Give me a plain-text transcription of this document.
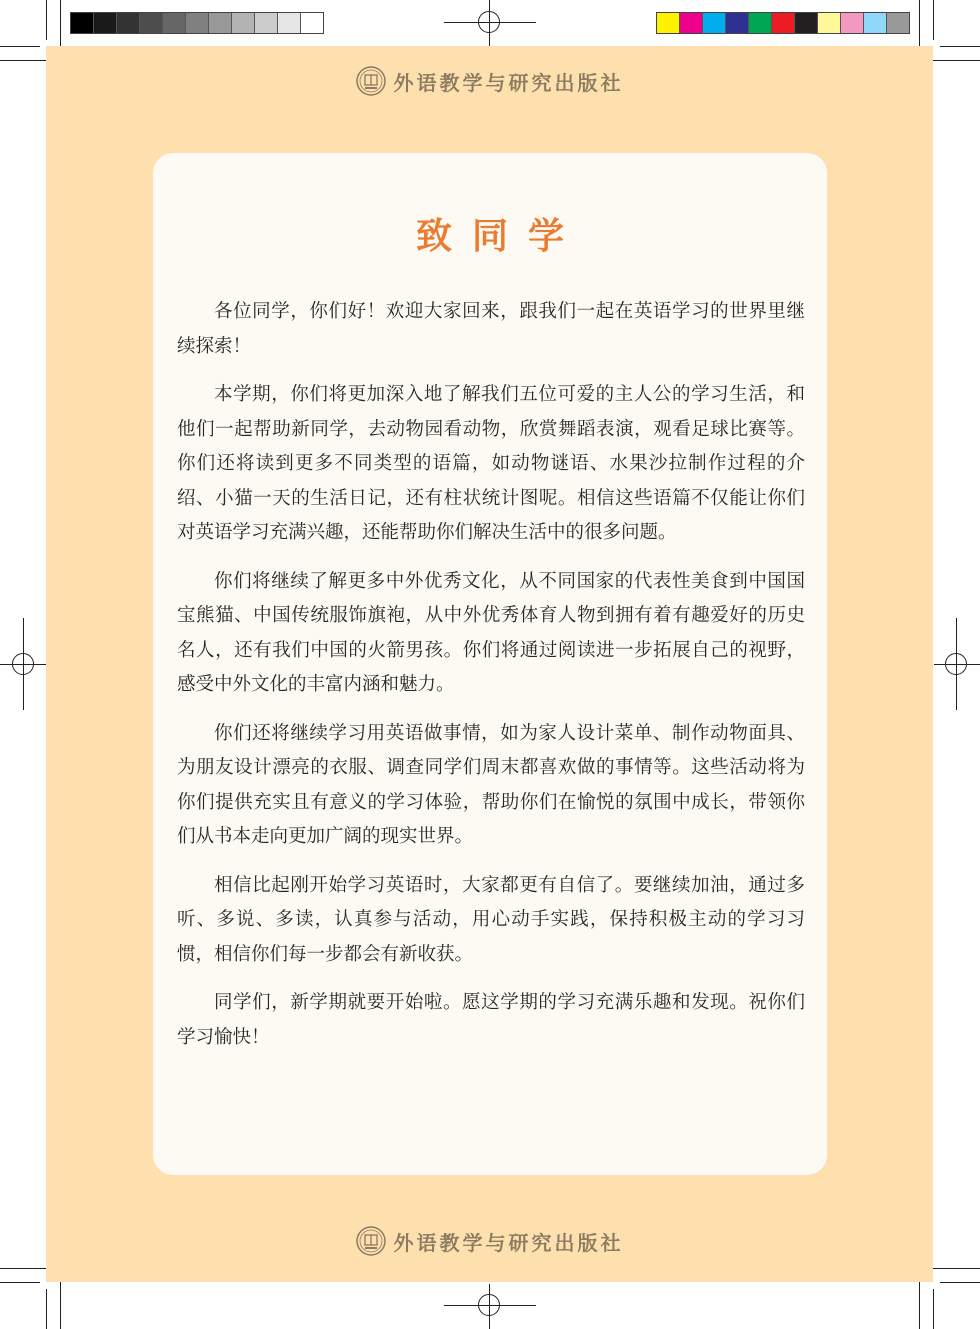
外语教学与研究出版社
致同学

各位同学，你们好！欢迎大家回来，跟我们一起在英语学习的世界里继续探索！

本学期，你们将更加深入地了解我们五位可爱的主人公的学习生活，和他们一起帮助新同学，去动物园看动物，欣赏舞蹈表演，观看足球比赛等。你们还将读到更多不同类型的语篇，如动物谜语、水果沙拉制作过程的介绍、小猫一天的生活日记，还有柱状统计图呢。相信这些语篇不仅能让你们对英语学习充满兴趣，还能帮助你们解决生活中的很多问题。

你们将继续了解更多中外优秀文化，从不同国家的代表性美食到中国国宝熊猫、中国传统服饰旗袍，从中外优秀体育人物到拥有着有趣爱好的历史名人，还有我们中国的火箭男孩。你们将通过阅读进一步拓展自己的视野，感受中外文化的丰富内涵和魅力。

你们还将继续学习用英语做事情，如为家人设计菜单、制作动物面具、为朋友设计漂亮的衣服、调查同学们周末都喜欢做的事情等。这些活动将为你们提供充实且有意义的学习体验，帮助你们在愉悦的氛围中成长，带领你们从书本走向更加广阔的现实世界。

相信比起刚开始学习英语时，大家都更有自信了。要继续加油，通过多听、多说、多读，认真参与活动，用心动手实践，保持积极主动的学习习惯，相信你们每一步都会有新收获。

同学们，新学期就要开始啦。愿这学期的学习充满乐趣和发现。祝你们学习愉快！

外语教学与研究出版社
